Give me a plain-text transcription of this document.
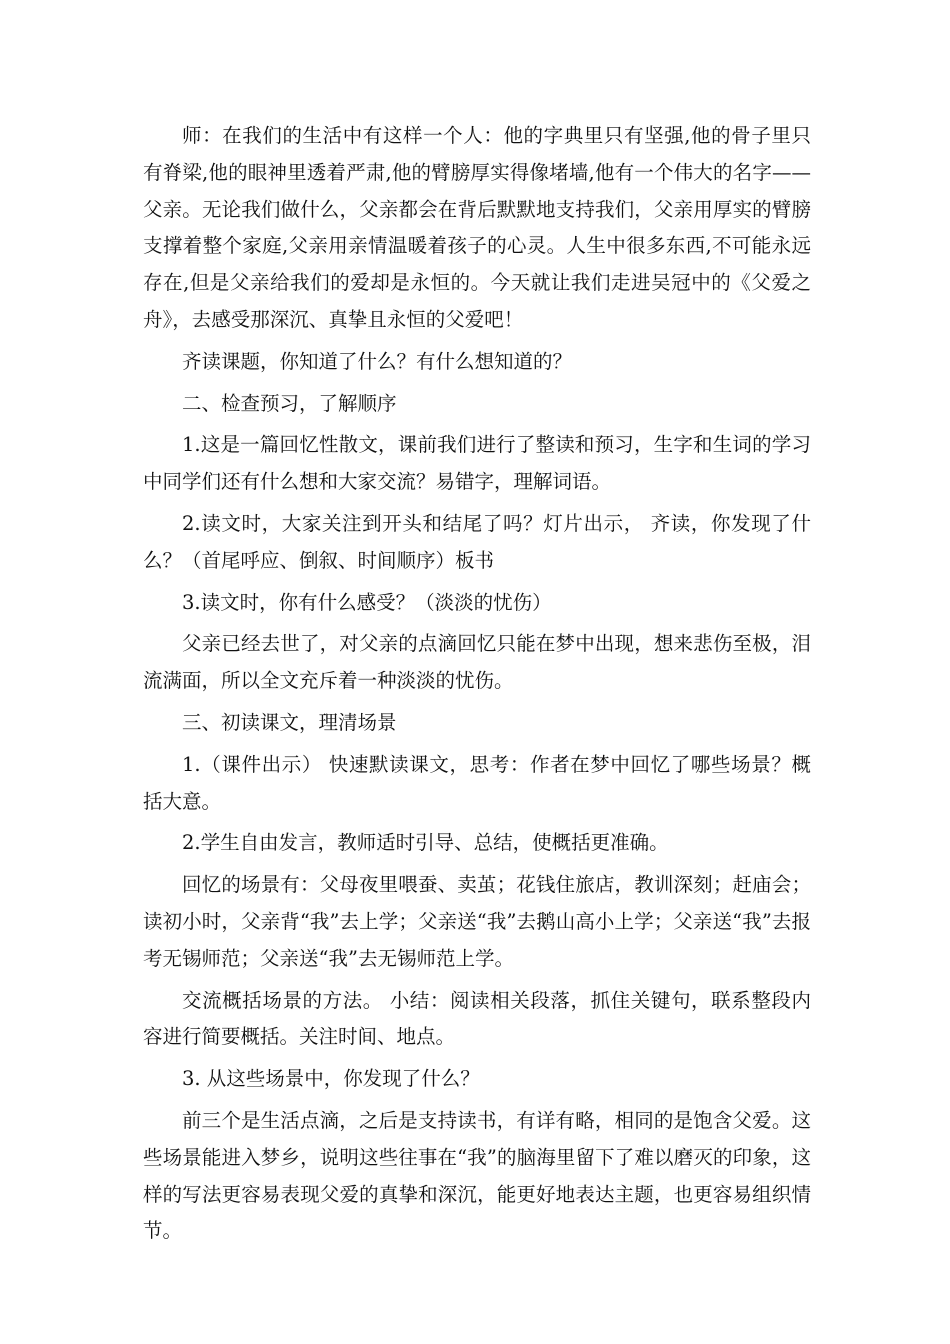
师：在我们的生活中有这样一个人：他的字典里只有坚强,他的骨子里只有脊梁,他的眼神里透着严肃,他的臂膀厚实得像堵墙,他有一个伟大的名字——父亲。无论我们做什么，父亲都会在背后默默地支持我们，父亲用厚实的臂膀支撑着整个家庭,父亲用亲情温暖着孩子的心灵。人生中很多东西,不可能永远存在,但是父亲给我们的爱却是永恒的。今天就让我们走进吴冠中的《父爱之舟》，去感受那深沉、真挚且永恒的父爱吧！

齐读课题，你知道了什么？有什么想知道的？

二、检查预习，了解顺序

1.这是一篇回忆性散文，课前我们进行了整读和预习，生字和生词的学习中同学们还有什么想和大家交流？易错字，理解词语。

2.读文时，大家关注到开头和结尾了吗？灯片出示， 齐读，你发现了什么？（首尾呼应、倒叙、时间顺序）板书

3.读文时，你有什么感受？（淡淡的忧伤）

父亲已经去世了，对父亲的点滴回忆只能在梦中出现，想来悲伤至极，泪流满面，所以全文充斥着一种淡淡的忧伤。

三、初读课文，理清场景

1.（课件出示） 快速默读课文，思考：作者在梦中回忆了哪些场景？概括大意。

2.学生自由发言，教师适时引导、总结，使概括更准确。

回忆的场景有：父母夜里喂蚕、卖茧；花钱住旅店，教训深刻；赶庙会；读初小时，父亲背“我”去上学；父亲送“我”去鹅山高小上学；父亲送“我”去报考无锡师范；父亲送“我”去无锡师范上学。

交流概括场景的方法。 小结：阅读相关段落，抓住关键句，联系整段内容进行简要概括。关注时间、地点。

3. 从这些场景中，你发现了什么？

前三个是生活点滴，之后是支持读书，有详有略，相同的是饱含父爱。这些场景能进入梦乡，说明这些往事在“我”的脑海里留下了难以磨灭的印象，这样的写法更容易表现父爱的真挚和深沉，能更好地表达主题，也更容易组织情节。
